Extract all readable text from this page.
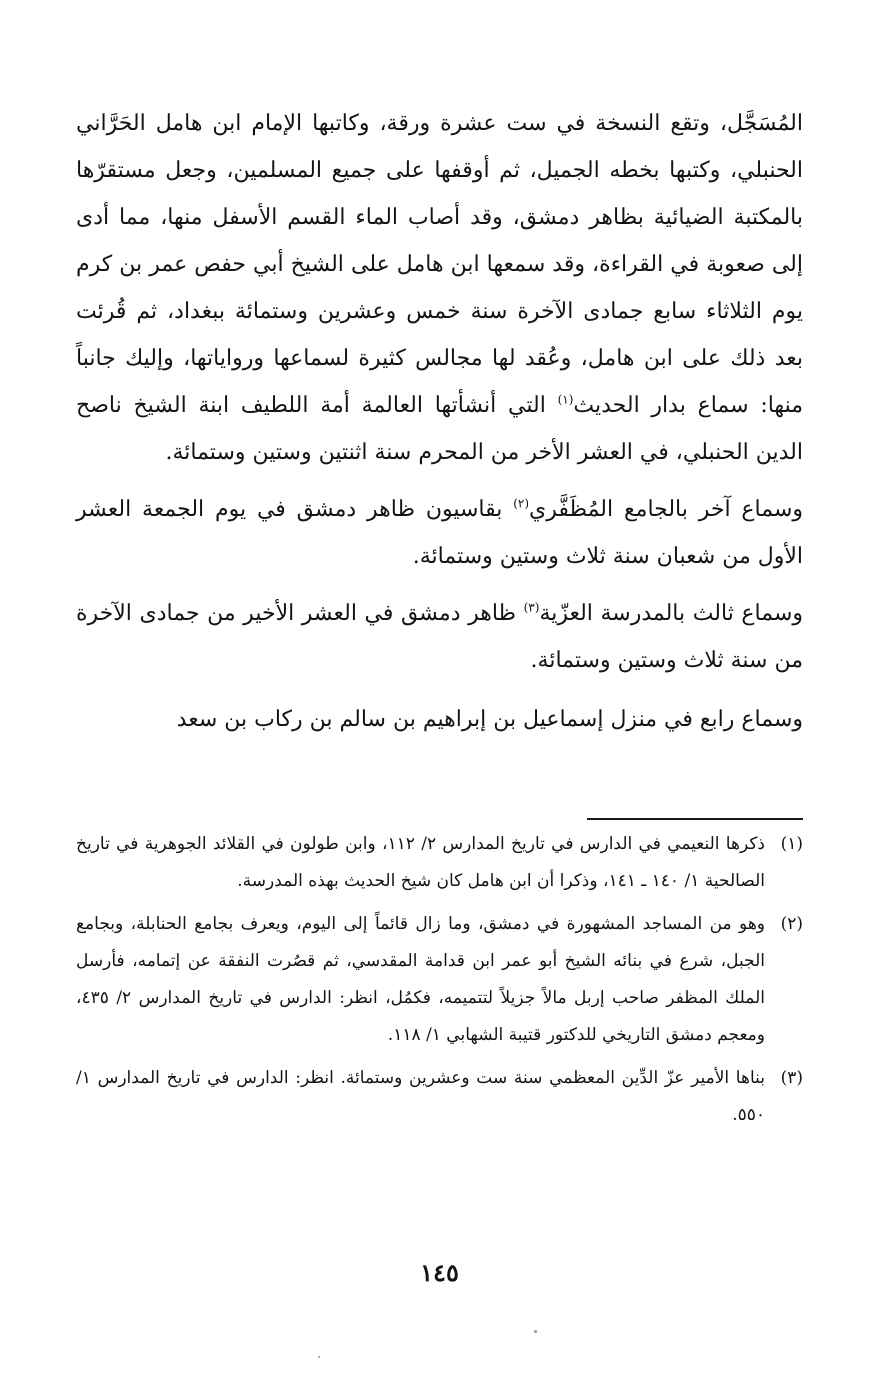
المُسَجَّل، وتقع النسخة في ست عشرة ورقة، وكاتبها الإمام ابن هامل الحَرَّاني الحنبلي، وكتبها بخطه الجميل، ثم أوقفها على جميع المسلمين، وجعل مستقرّها بالمكتبة الضيائية بظاهر دمشق، وقد أصاب الماء القسم الأسفل منها، مما أدى إلى صعوبة في القراءة، وقد سمعها ابن هامل على الشيخ أبي حفص عمر بن كرم يوم الثلاثاء سابع جمادى الآخرة سنة خمس وعشرين وستمائة ببغداد، ثم قُرئت بعد ذلك على ابن هامل، وعُقد لها مجالس كثيرة لسماعها ورواياتها، وإليك جانباً منها: سماع بدار الحديث$^{(١)}$ التي أنشأتها العالمة أمة اللطيف ابنة الشيخ ناصح الدين الحنبلي، في العشر الأخر من المحرم سنة اثنتين وستين وستمائة.

وسماع آخر بالجامع المُظَفَّري$^{(٢)}$ بقاسيون ظاهر دمشق في يوم الجمعة العشر الأول من شعبان سنة ثلاث وستين وستمائة.

وسماع ثالث بالمدرسة العزّية$^{(٣)}$ ظاهر دمشق في العشر الأخير من جمادى الآخرة من سنة ثلاث وستين وستمائة.

وسماع رابع في منزل إسماعيل بن إبراهيم بن سالم بن ركاب بن سعد

(١)
ذكرها النعيمي في الدارس في تاريخ المدارس ٢/ ١١٢، وابن طولون في القلائد الجوهرية في تاريخ الصالحية ١/ ١٤٠ ـ ١٤١، وذكرا أن ابن هامل كان شيخ الحديث بهذه المدرسة.
(٢)
وهو من المساجد المشهورة في دمشق، وما زال قائماً إلى اليوم، ويعرف بجامع الحنابلة، وبجامع الجبل، شرع في بنائه الشيخ أبو عمر ابن قدامة المقدسي، ثم قصُرت النفقة عن إتمامه، فأرسل الملك المظفر صاحب إربل مالاً جزيلاً لتتميمه، فكمُل، انظر: الدارس في تاريخ المدارس ٢/ ٤٣٥، ومعجم دمشق التاريخي للدكتور قتيبة الشهابي ١/ ١١٨.
(٣)
بناها الأمير عزّ الدِّين المعظمي سنة ست وعشرين وستمائة. انظر: الدارس في تاريخ المدارس ١/ ٥٥٠.
١٤٥
